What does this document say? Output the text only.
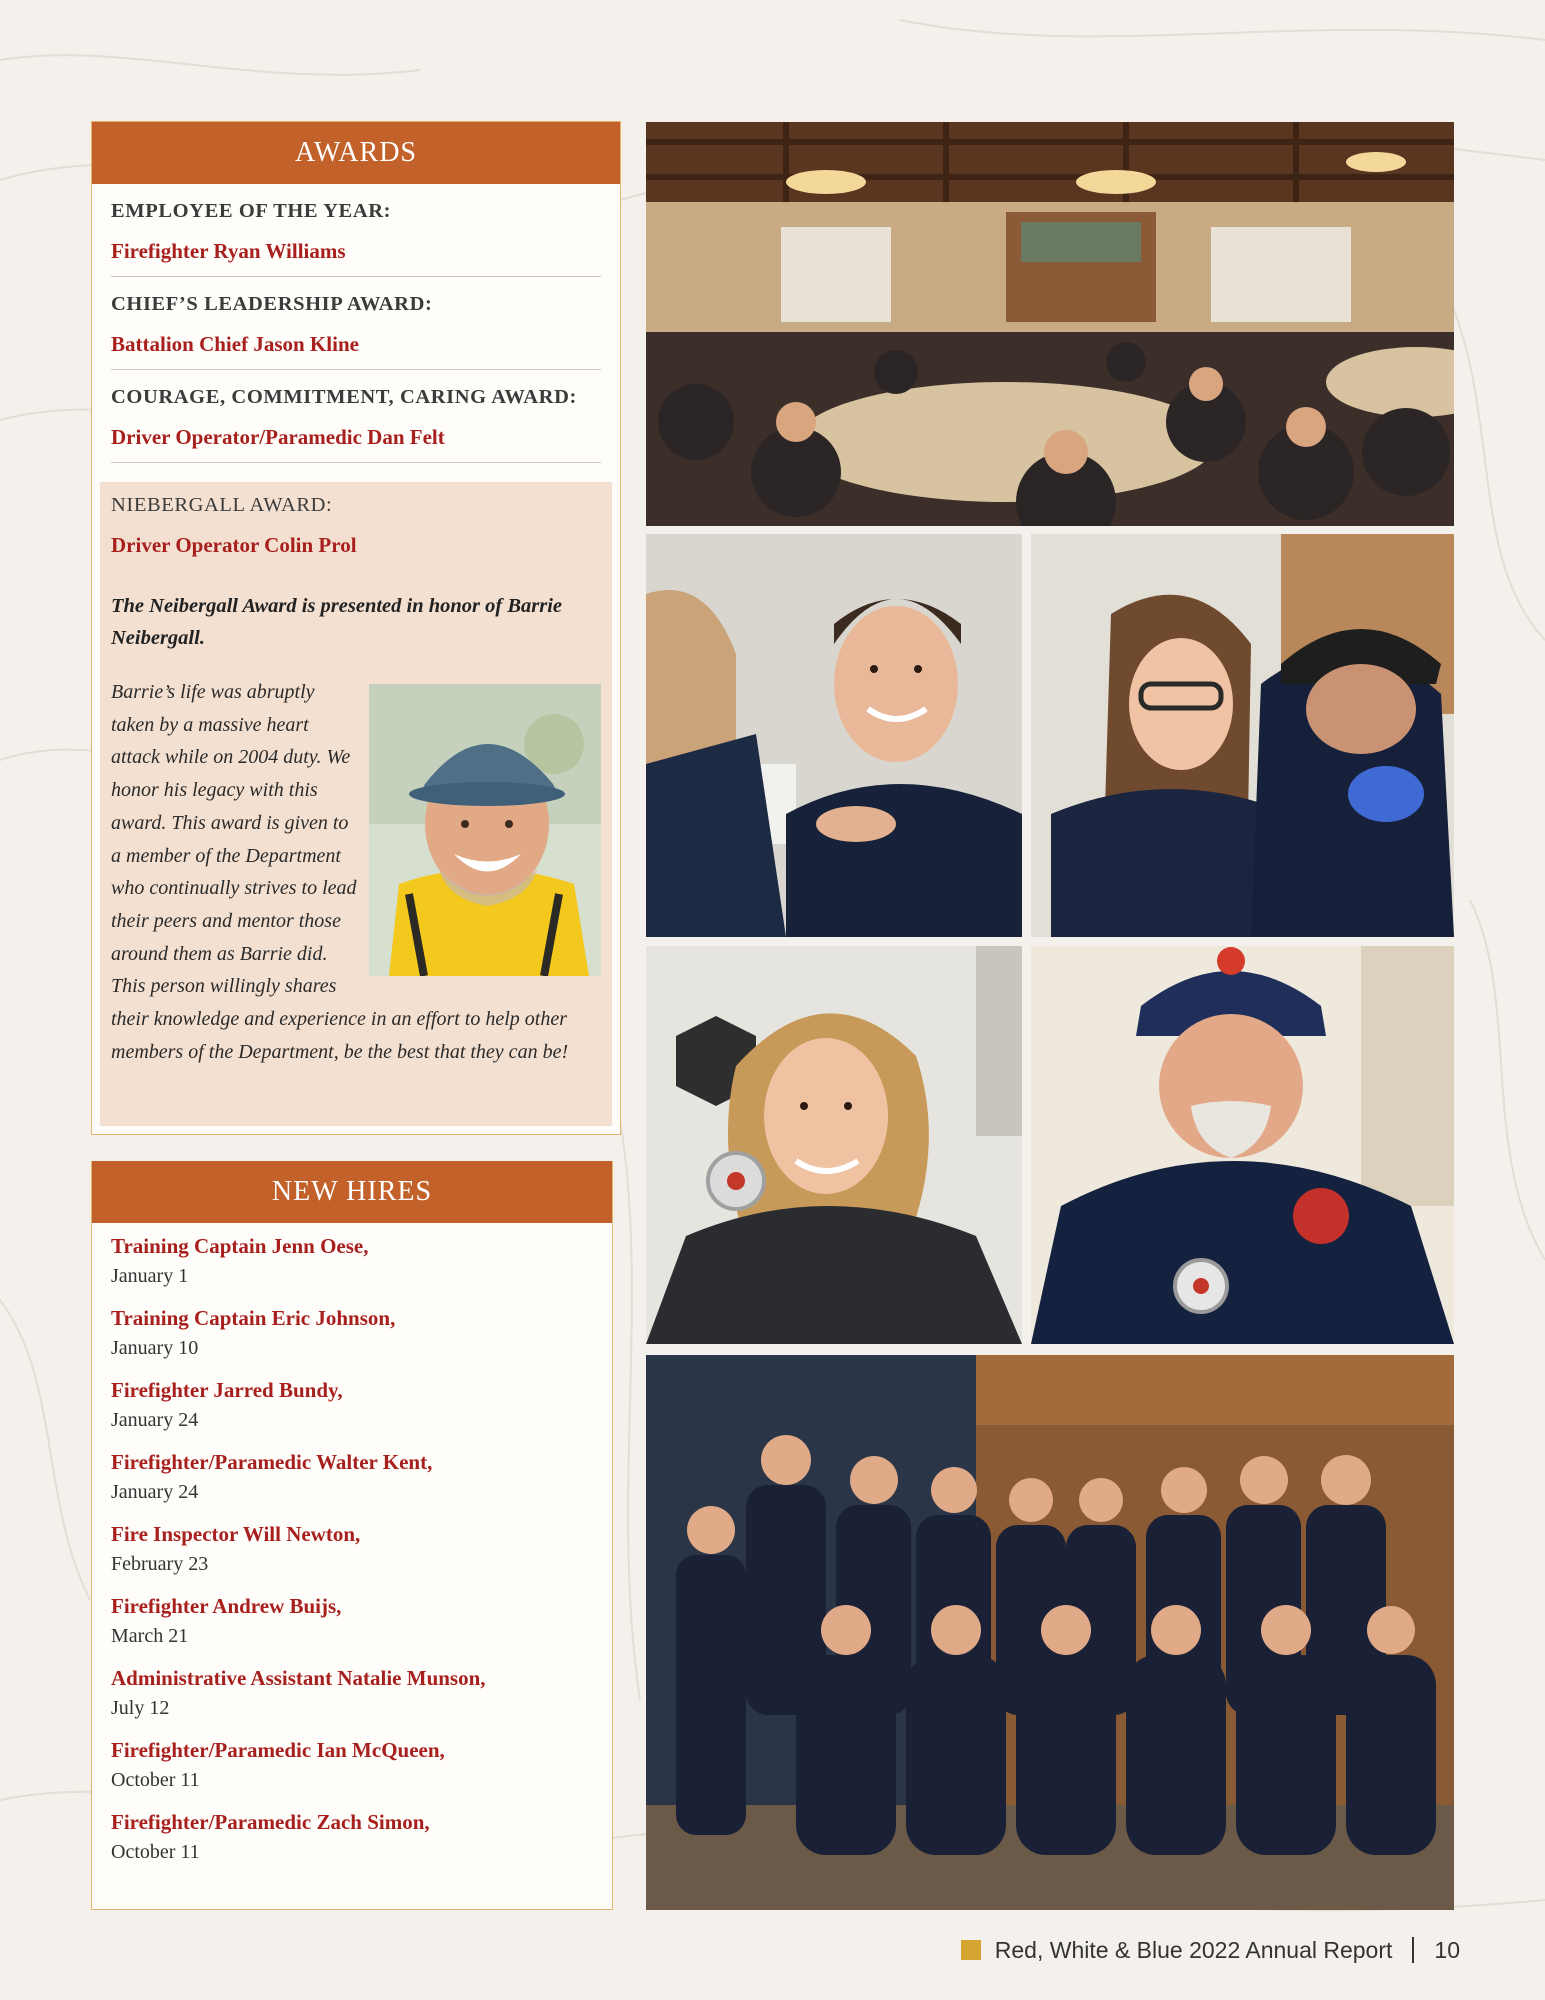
AWARDS
EMPLOYEE OF THE YEAR:
Firefighter Ryan Williams
CHIEF’S LEADERSHIP AWARD:
Battalion Chief Jason Kline
COURAGE, COMMITMENT, CARING AWARD:
Driver Operator/Paramedic Dan Felt
NIEBERGALL AWARD:
Driver Operator Colin Prol

The Neibergall Award is presented in honor of Barrie Neibergall.

Barrie’s life was abruptly taken by a massive heart attack while on 2004 duty. We honor his legacy with this award. This award is given to a member of the Department who continually strives to lead their peers and mentor those around them as Barrie did. This person willingly shares their knowledge and experience in an effort to help other members of the Department, be the best that they can be!

NEW HIRES
Training Captain Jenn Oese,
January 1
Training Captain Eric Johnson,
January 10
Firefighter Jarred Bundy,
January 24
Firefighter/Paramedic Walter Kent,
January 24
Fire Inspector Will Newton,
February 23
Firefighter Andrew Buijs,
March 21
Administrative Assistant Natalie Munson,
July 12
Firefighter/Paramedic Ian McQueen,
October 11
Firefighter/Paramedic Zach Simon,
October 11
Red, White & Blue 2022 Annual Report 10
